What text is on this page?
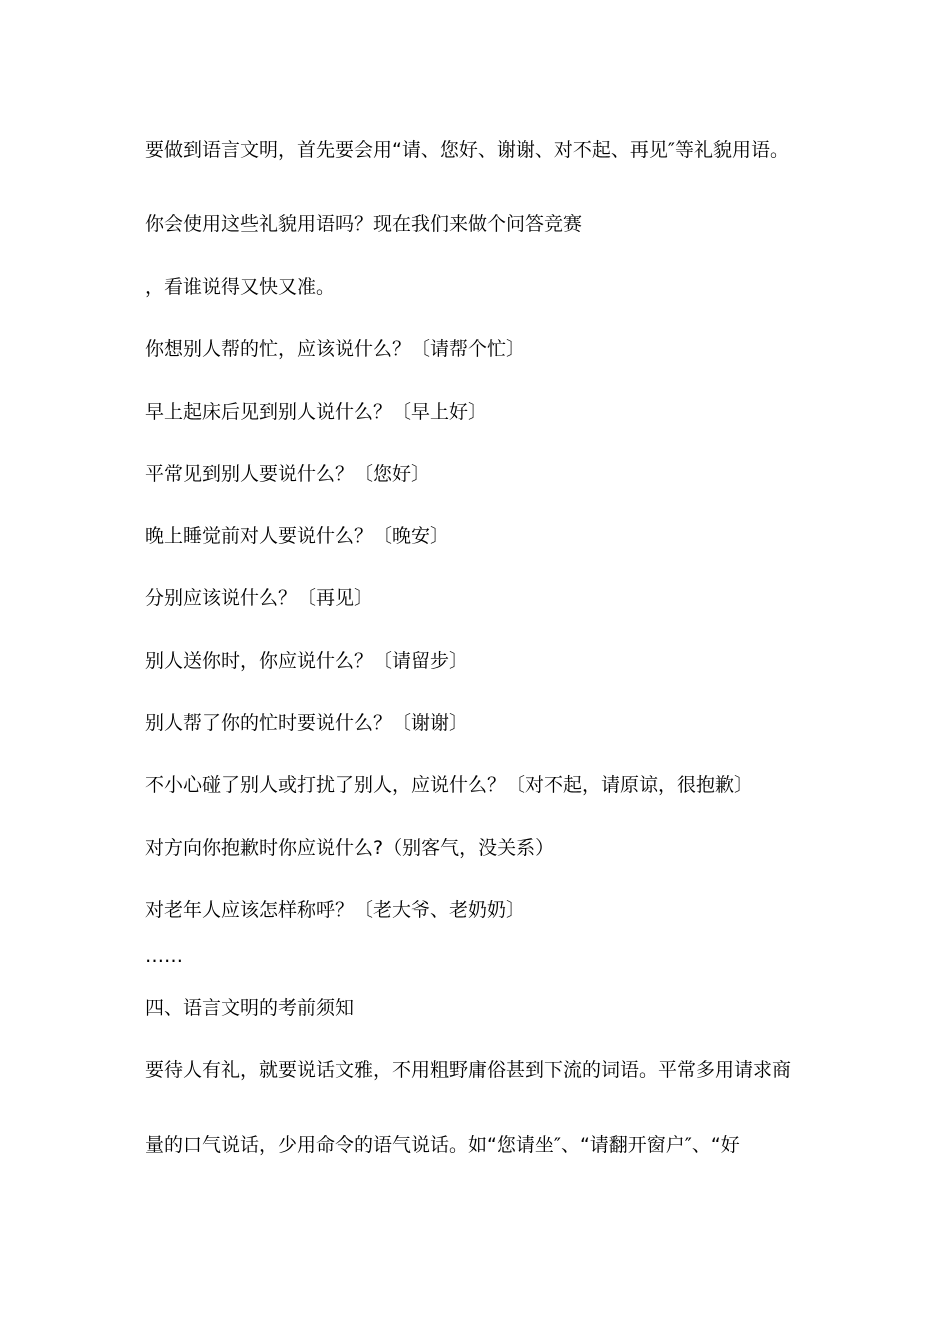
要做到语言文明，首先要会用“请、您好、谢谢、对不起、再见″等礼貌用语。
你会使用这些礼貌用语吗？现在我们来做个问答竞赛
，看谁说得又快又准。
你想别人帮的忙，应该说什么？〔请帮个忙〕
早上起床后见到别人说什么？〔早上好〕
平常见到别人要说什么？〔您好〕
晚上睡觉前对人要说什么？〔晚安〕
分别应该说什么？〔再见〕
别人送你时，你应说什么？〔请留步〕
别人帮了你的忙时要说什么？〔谢谢〕
不小心碰了别人或打扰了别人，应说什么？〔对不起，请原谅，很抱歉〕
对方向你抱歉时你应说什么?（别客气，没关系）
对老年人应该怎样称呼？〔老大爷、老奶奶〕
……
四、语言文明的考前须知
要待人有礼，就要说话文雅，不用粗野庸俗甚到下流的词语。平常多用请求商
量的口气说话，少用命令的语气说话。如“您请坐″、“请翻开窗户″、“好
